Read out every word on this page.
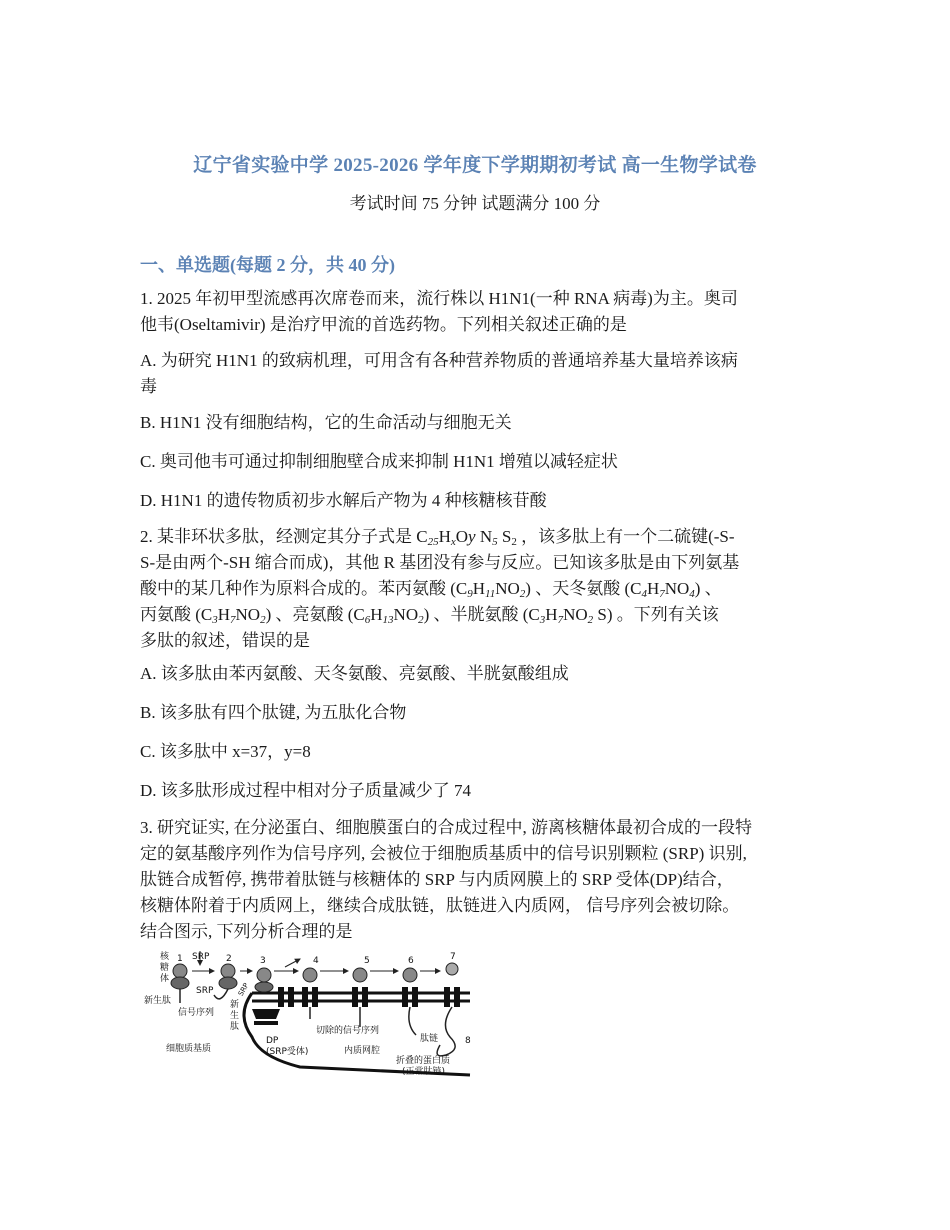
辽宁省实验中学 2025-2026 学年度下学期期初考试 高一生物学试卷
考试时间 75 分钟 试题满分 100 分
一、单选题(每题 2 分，共 40 分)

1. 2025 年初甲型流感再次席卷而来，流行株以 H1N1(一种 RNA 病毒)为主。奥司
他韦(Oseltamivir) 是治疗甲流的首选药物。下列相关叙述正确的是

A. 为研究 H1N1 的致病机理，可用含有各种营养物质的普通培养基大量培养该病
毒

B. H1N1 没有细胞结构，它的生命活动与细胞无关

C. 奥司他韦可通过抑制细胞壁合成来抑制 H1N1 增殖以减轻症状

D. H1N1 的遗传物质初步水解后产物为 4 种核糖核苷酸

2. 某非环状多肽，经测定其分子式是 $C_{25}H_xOy$ $N_5$ $S_2$ ，该多肽上有一个二硫键(-S-
S-是由两个-SH 缩合而成)，其他 R 基团没有参与反应。已知该多肽是由下列氨基
酸中的某几种作为原料合成的。苯丙氨酸 $(C_9H_{11}NO_2)$ 、天冬氨酸 $(C_4H_7NO_4)$ 、
丙氨酸 $(C_3H_7NO_2)$ 、亮氨酸 $(C_6H_{13}NO_2)$ 、半胱氨酸 ($C_3H_7NO_2$ S) 。下列有关该
多肽的叙述，错误的是

A. 该多肽由苯丙氨酸、天冬氨酸、亮氨酸、半胱氨酸组成

B. 该多肽有四个肽键, 为五肽化合物

C. 该多肽中 x=37，y=8

D. 该多肽形成过程中相对分子质量减少了 74

3. 研究证实, 在分泌蛋白、细胞膜蛋白的合成过程中, 游离核糖体最初合成的一段特
定的氨基酸序列作为信号序列, 会被位于细胞质基质中的信号识别颗粒 (SRP) 识别,
肽链合成暂停, 携带着肽链与核糖体的 SRP 与内质网膜上的 SRP 受体(DP)结合，
核糖体附着于内质网上，继续合成肽链，肽链进入内质网， 信号序列会被切除。
结合图示, 下列分析合理的是

1	2	3	4	5	6	7
8
核
糖
体
新生肽
SRP
SRP
信号序列
新
生
肽
SRP
细胞质基质
DP
(SRP受体)
切除的信号序列
内质网腔
肽链
折叠的蛋白质
(正常肽链)
